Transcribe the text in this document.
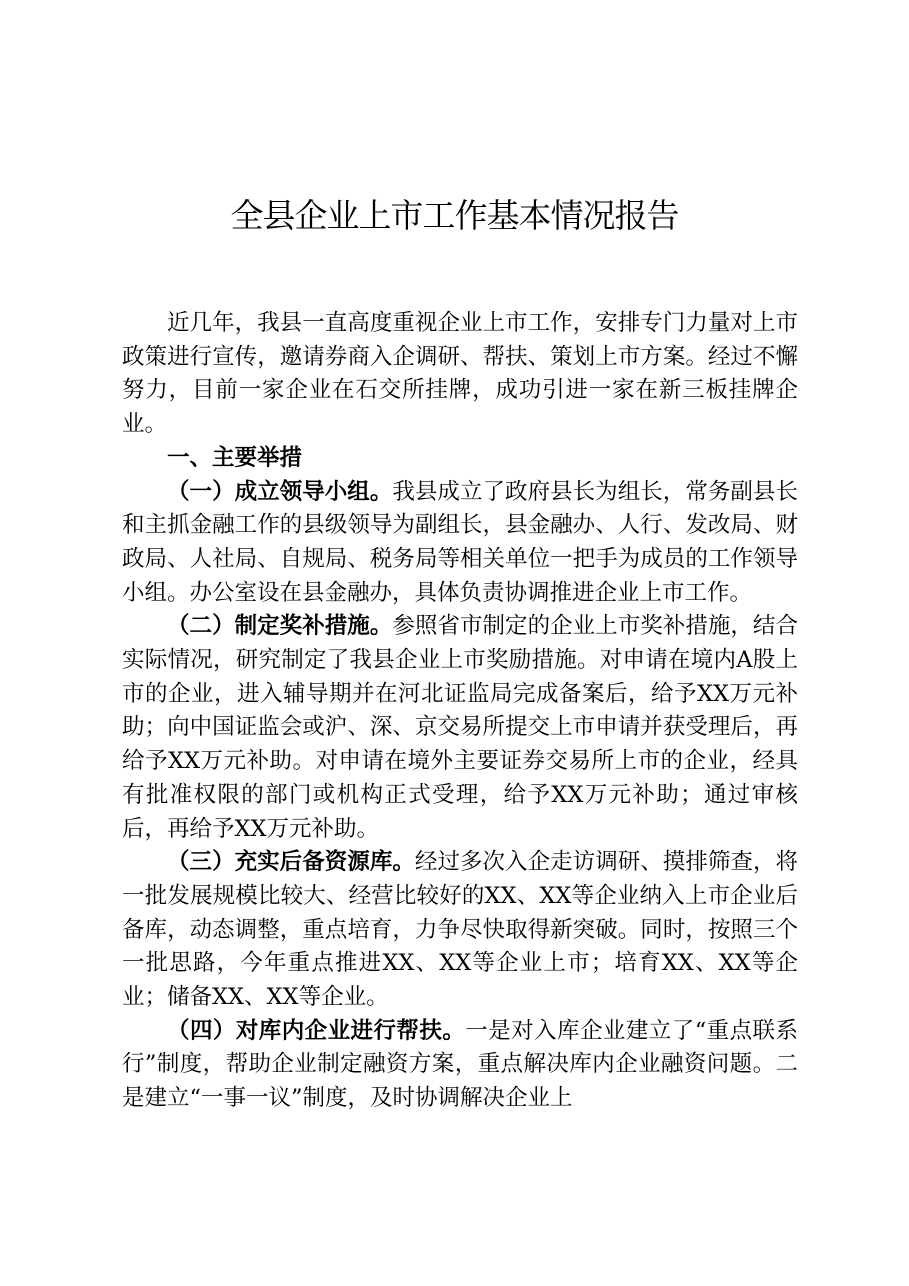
全县企业上市工作基本情况报告

近几年，我县一直高度重视企业上市工作，安排专门力量对上市政策进行宣传，邀请券商入企调研、帮扶、策划上市方案。经过不懈努力，目前一家企业在石交所挂牌，成功引进一家在新三板挂牌企业。

一、主要举措

（一）成立领导小组。我县成立了政府县长为组长，常务副县长和主抓金融工作的县级领导为副组长，县金融办、人行、发改局、财政局、人社局、自规局、税务局等相关单位一把手为成员的工作领导小组。办公室设在县金融办，具体负责协调推进企业上市工作。

（二）制定奖补措施。参照省市制定的企业上市奖补措施，结合实际情况，研究制定了我县企业上市奖励措施。对申请在境内A股上市的企业，进入辅导期并在河北证监局完成备案后，给予XX万元补助；向中国证监会或沪、深、京交易所提交上市申请并获受理后，再给予XX万元补助。对申请在境外主要证券交易所上市的企业，经具有批准权限的部门或机构正式受理，给予XX万元补助；通过审核后，再给予XX万元补助。

（三）充实后备资源库。经过多次入企走访调研、摸排筛查，将一批发展规模比较大、经营比较好的XX、XX等企业纳入上市企业后备库，动态调整，重点培育，力争尽快取得新突破。同时，按照三个一批思路，今年重点推进XX、XX等企业上市；培育XX、XX等企业；储备XX、XX等企业。

（四）对库内企业进行帮扶。一是对入库企业建立了“重点联系行”制度，帮助企业制定融资方案，重点解决库内企业融资问题。二是建立“一事一议”制度，及时协调解决企业上
